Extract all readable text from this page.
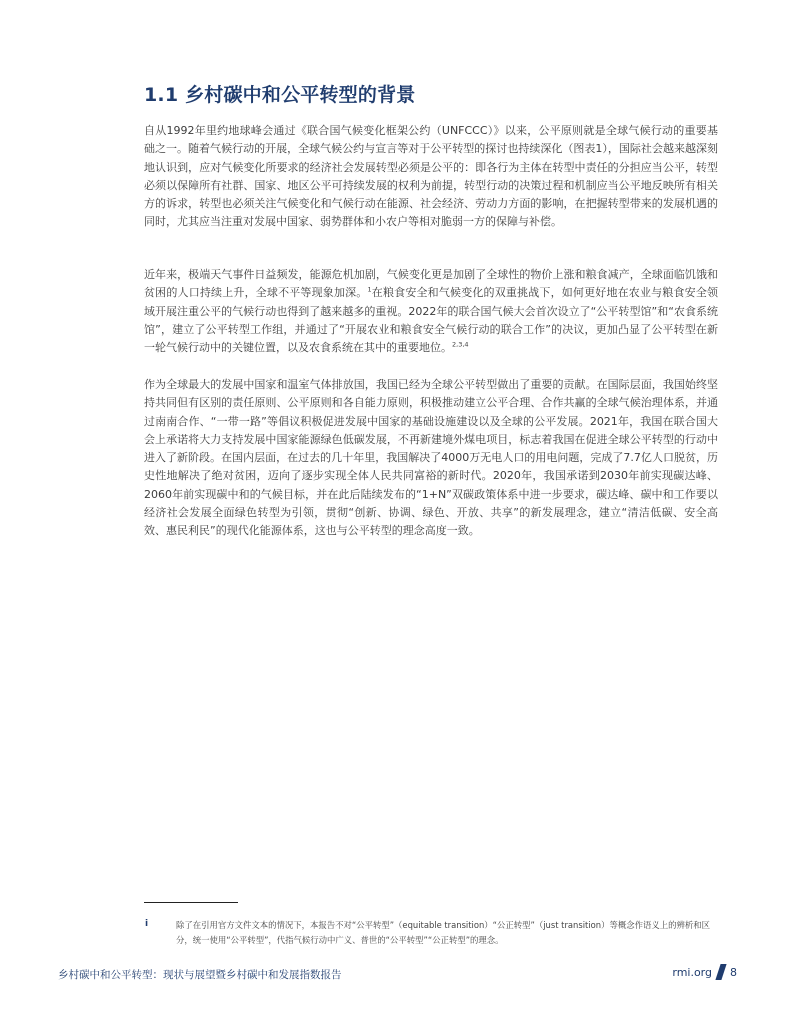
1.1 乡村碳中和公平转型的背景

自从1992年里约地球峰会通过《联合国气候变化框架公约（UNFCCC）》以来，公平原则就是全球气候行动的重要基础之一。随着气候行动的开展，全球气候公约与宣言等对于公平转型的探讨也持续深化（图表1），国际社会越来越深刻地认识到，应对气候变化所要求的经济社会发展转型必须是公平的：即各行为主体在转型中责任的分担应当公平，转型必须以保障所有社群、国家、地区公平可持续发展的权利为前提，转型行动的决策过程和机制应当公平地反映所有相关方的诉求，转型也必须关注气候变化和气候行动在能源、社会经济、劳动力方面的影响，在把握转型带来的发展机遇的同时，尤其应当注重对发展中国家、弱势群体和小农户等相对脆弱一方的保障与补偿。

近年来，极端天气事件日益频发，能源危机加剧，气候变化更是加剧了全球性的物价上涨和粮食减产，全球面临饥饿和贫困的人口持续上升，全球不平等现象加深。$^1$在粮食安全和气候变化的双重挑战下，如何更好地在农业与粮食安全领域开展注重公平的气候行动也得到了越来越多的重视。2022年的联合国气候大会首次设立了“公平转型馆”和“农食系统馆”，建立了公平转型工作组，并通过了“开展农业和粮食安全气候行动的联合工作”的决议，更加凸显了公平转型在新一轮气候行动中的关键位置，以及农食系统在其中的重要地位。$^{2,3,4}$

作为全球最大的发展中国家和温室气体排放国，我国已经为全球公平转型做出了重要的贡献。在国际层面，我国始终坚持共同但有区别的责任原则、公平原则和各自能力原则，积极推动建立公平合理、合作共赢的全球气候治理体系，并通过南南合作、“一带一路”等倡议积极促进发展中国家的基础设施建设以及全球的公平发展。2021年，我国在联合国大会上承诺将大力支持发展中国家能源绿色低碳发展，不再新建境外煤电项目，标志着我国在促进全球公平转型的行动中进入了新阶段。在国内层面，在过去的几十年里，我国解决了4000万无电人口的用电问题，完成了7.7亿人口脱贫，历史性地解决了绝对贫困，迈向了逐步实现全体人民共同富裕的新时代。2020年，我国承诺到2030年前实现碳达峰、2060年前实现碳中和的气候目标，并在此后陆续发布的“1+N”双碳政策体系中进一步要求，碳达峰、碳中和工作要以经济社会发展全面绿色转型为引领，贯彻“创新、协调、绿色、开放、共享”的新发展理念，建立“清洁低碳、安全高效、惠民利民”的现代化能源体系，这也与公平转型的理念高度一致。

i	除了在引用官方文件文本的情况下，本报告不对“公平转型”（equitable transition）“公正转型”（just transition）等概念作语义上的辨析和区分，统一使用“公平转型”，代指气候行动中广义、普世的“公平转型”“公正转型”的理念。
乡村碳中和公平转型：现状与展望暨乡村碳中和发展指数报告	rmi.org 8
